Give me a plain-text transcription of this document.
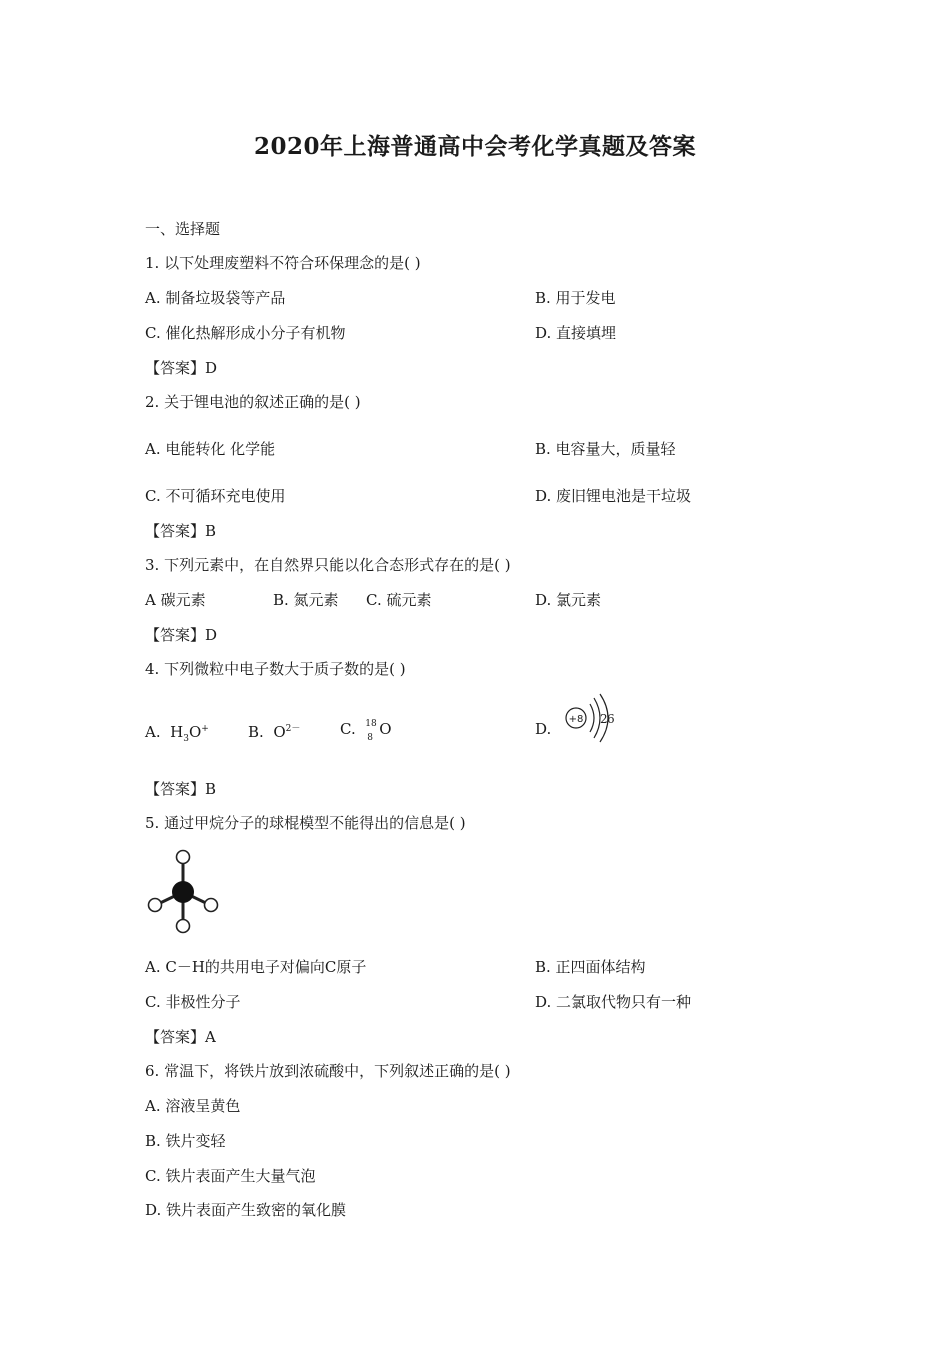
2020年上海普通高中会考化学真题及答案
一、选择题
1. 以下处理废塑料不符合环保理念的是( )
A. 制备垃圾袋等产品	B. 用于发电
C. 催化热解形成小分子有机物	D. 直接填埋
【答案】D
2. 关于锂电池的叙述正确的是( )
A. 电能转化 化学能	B. 电容量大，质量轻
C. 不可循环充电使用	D. 废旧锂电池是干垃圾
【答案】B
3. 下列元素中，在自然界只能以化合态形式存在的是( )
A 碳元素	B. 氮元素 C. 硫元素	D. 氯元素
【答案】D
4. 下列微粒中电子数大于质子数的是( )
A. $H_3O^+$	B. $O^{2-}$	C. 18
8 O	D.
+8 2 6
【答案】B
5. 通过甲烷分子的球棍模型不能得出的信息是( )
A. C－H的共用电子对偏向C原子	B. 正四面体结构
C. 非极性分子	D. 二氯取代物只有一种
【答案】A
6. 常温下，将铁片放到浓硫酸中，下列叙述正确的是( )
A. 溶液呈黄色
B. 铁片变轻
C. 铁片表面产生大量气泡
D. 铁片表面产生致密的氧化膜
